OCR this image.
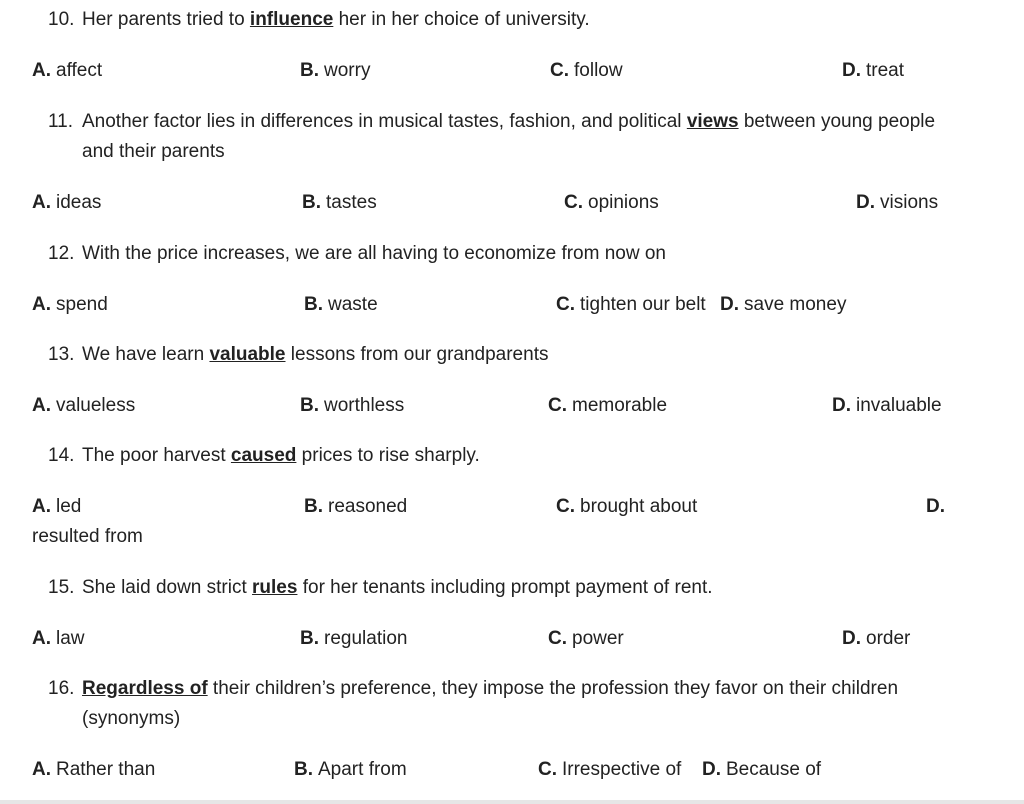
10. Her parents tried to influence her in her choice of university.
A. affect	B. worry	C. follow	D. treat
11. Another factor lies in differences in musical tastes, fashion, and political views between young people and their parents
A. ideas	B. tastes	C. opinions	D. visions
12. With the price increases, we are all having to economize from now on
A. spend	B. waste	C. tighten our belt D. save money
13. We have learn valuable lessons from our grandparents
A. valueless	B. worthless	C. memorable	D. invaluable
14. The poor harvest caused prices to rise sharply.
A. led	B. reasoned	C. brought about	D.
resulted from
15. She laid down strict rules for her tenants including prompt payment of rent.
A. law	B. regulation	C. power	D. order
16. Regardless of their children’s preference, they impose the profession they favor on their children (synonyms)
A. Rather than	B. Apart from	C. Irrespective of D. Because of
